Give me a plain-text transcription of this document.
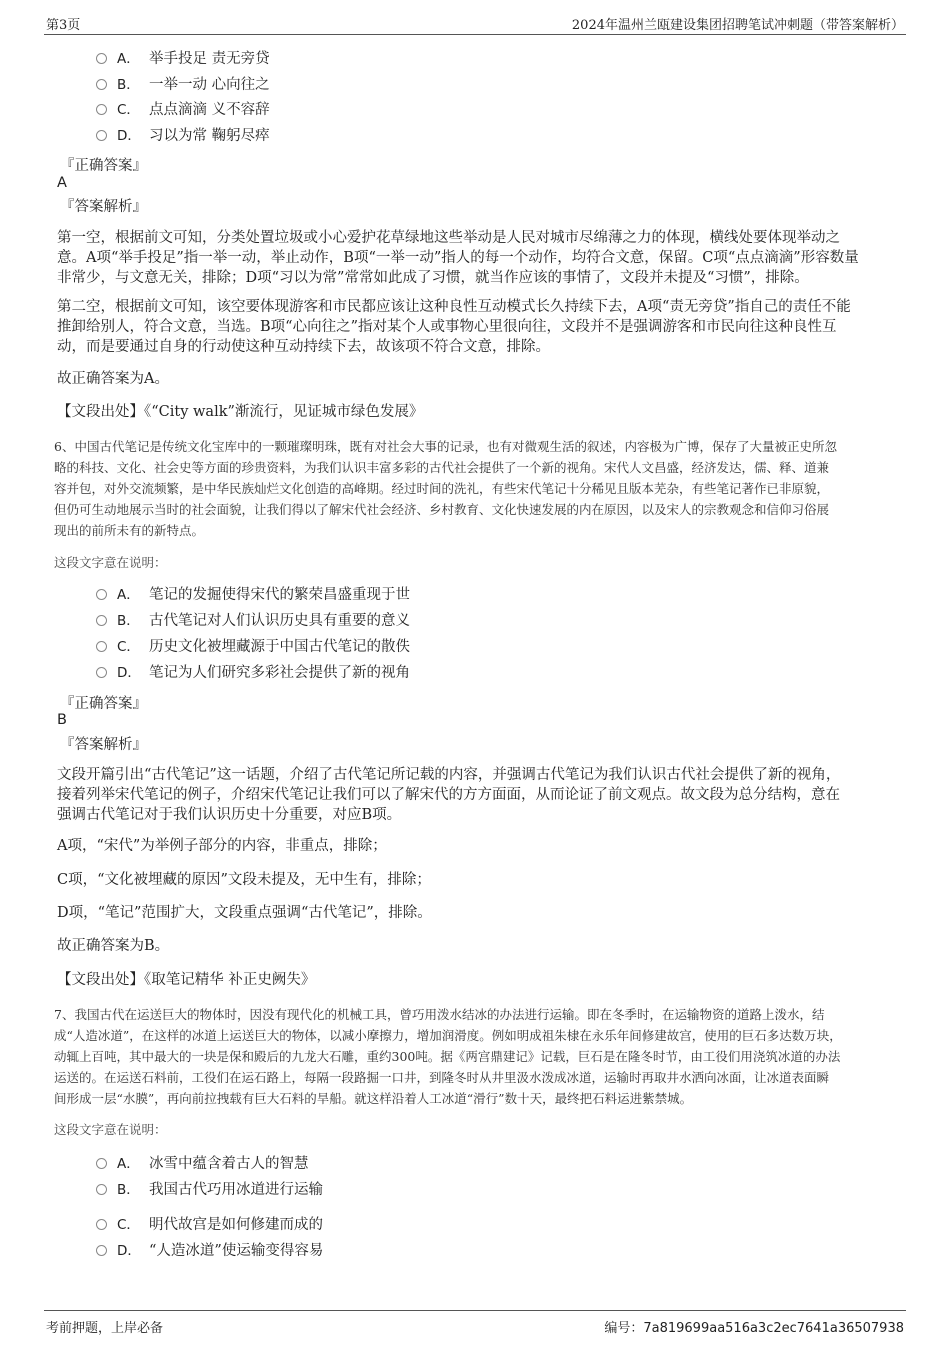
第3页	2024年温州兰瓯建设集团招聘笔试冲刺题（带答案解析）
A． 举手投足 责无旁贷
B． 一举一动 心向往之
C． 点点滴滴 义不容辞
D． 习以为常 鞠躬尽瘁
『正确答案』
A
『答案解析』
第一空，根据前文可知，分类处置垃圾或小心爱护花草绿地这些举动是人民对城市尽绵薄之力的体现，横线处要体现举动之
意。A项“举手投足”指一举一动，举止动作，B项“一举一动”指人的每一个动作，均符合文意，保留。C项“点点滴滴”形容数量
非常少，与文意无关，排除；D项“习以为常”常常如此成了习惯，就当作应该的事情了，文段并未提及“习惯”，排除。
第二空，根据前文可知，该空要体现游客和市民都应该让这种良性互动模式长久持续下去，A项“责无旁贷”指自己的责任不能
推卸给别人，符合文意，当选。B项“心向往之”指对某个人或事物心里很向往，文段并不是强调游客和市民向往这种良性互
动，而是要通过自身的行动使这种互动持续下去，故该项不符合文意，排除。
故正确答案为A。
【文段出处】《“City walk”渐流行，见证城市绿色发展》
6、中国古代笔记是传统文化宝库中的一颗璀璨明珠，既有对社会大事的记录，也有对微观生活的叙述，内容极为广博，保存了大量被正史所忽
略的科技、文化、社会史等方面的珍贵资料，为我们认识丰富多彩的古代社会提供了一个新的视角。宋代人文昌盛，经济发达，儒、释、道兼
容并包，对外交流频繁，是中华民族灿烂文化创造的高峰期。经过时间的洗礼，有些宋代笔记十分稀见且版本芜杂，有些笔记著作已非原貌，
但仍可生动地展示当时的社会面貌，让我们得以了解宋代社会经济、乡村教育、文化快速发展的内在原因，以及宋人的宗教观念和信仰习俗展
现出的前所未有的新特点。
这段文字意在说明：
A． 笔记的发掘使得宋代的繁荣昌盛重现于世
B． 古代笔记对人们认识历史具有重要的意义
C． 历史文化被埋藏源于中国古代笔记的散佚
D． 笔记为人们研究多彩社会提供了新的视角
『正确答案』
B
『答案解析』
文段开篇引出“古代笔记”这一话题，介绍了古代笔记所记载的内容，并强调古代笔记为我们认识古代社会提供了新的视角，
接着列举宋代笔记的例子，介绍宋代笔记让我们可以了解宋代的方方面面，从而论证了前文观点。故文段为总分结构，意在
强调古代笔记对于我们认识历史十分重要，对应B项。
A项，“宋代”为举例子部分的内容，非重点，排除；
C项，“文化被埋藏的原因”文段未提及，无中生有，排除；
D项，“笔记”范围扩大，文段重点强调“古代笔记”，排除。
故正确答案为B。
【文段出处】《取笔记精华 补正史阙失》
7、我国古代在运送巨大的物体时，因没有现代化的机械工具，曾巧用泼水结冰的办法进行运输。即在冬季时，在运输物资的道路上泼水，结
成“人造冰道”，在这样的冰道上运送巨大的物体，以减小摩擦力，增加润滑度。例如明成祖朱棣在永乐年间修建故宫，使用的巨石多达数万块，
动辄上百吨，其中最大的一块是保和殿后的九龙大石雕，重约300吨。据《两宫鼎建记》记载，巨石是在隆冬时节，由工役们用浇筑冰道的办法
运送的。在运送石料前，工役们在运石路上，每隔一段路掘一口井，到隆冬时从井里汲水泼成冰道，运输时再取井水洒向冰面，让冰道表面瞬
间形成一层“水膜”，再向前拉拽载有巨大石料的旱船。就这样沿着人工冰道“滑行”数十天，最终把石料运进紫禁城。
这段文字意在说明：
A． 冰雪中蕴含着古人的智慧
B． 我国古代巧用冰道进行运输
C． 明代故宫是如何修建而成的
D． “人造冰道”使运输变得容易
考前押题，上岸必备	编号：7a819699aa516a3c2ec7641a36507938
